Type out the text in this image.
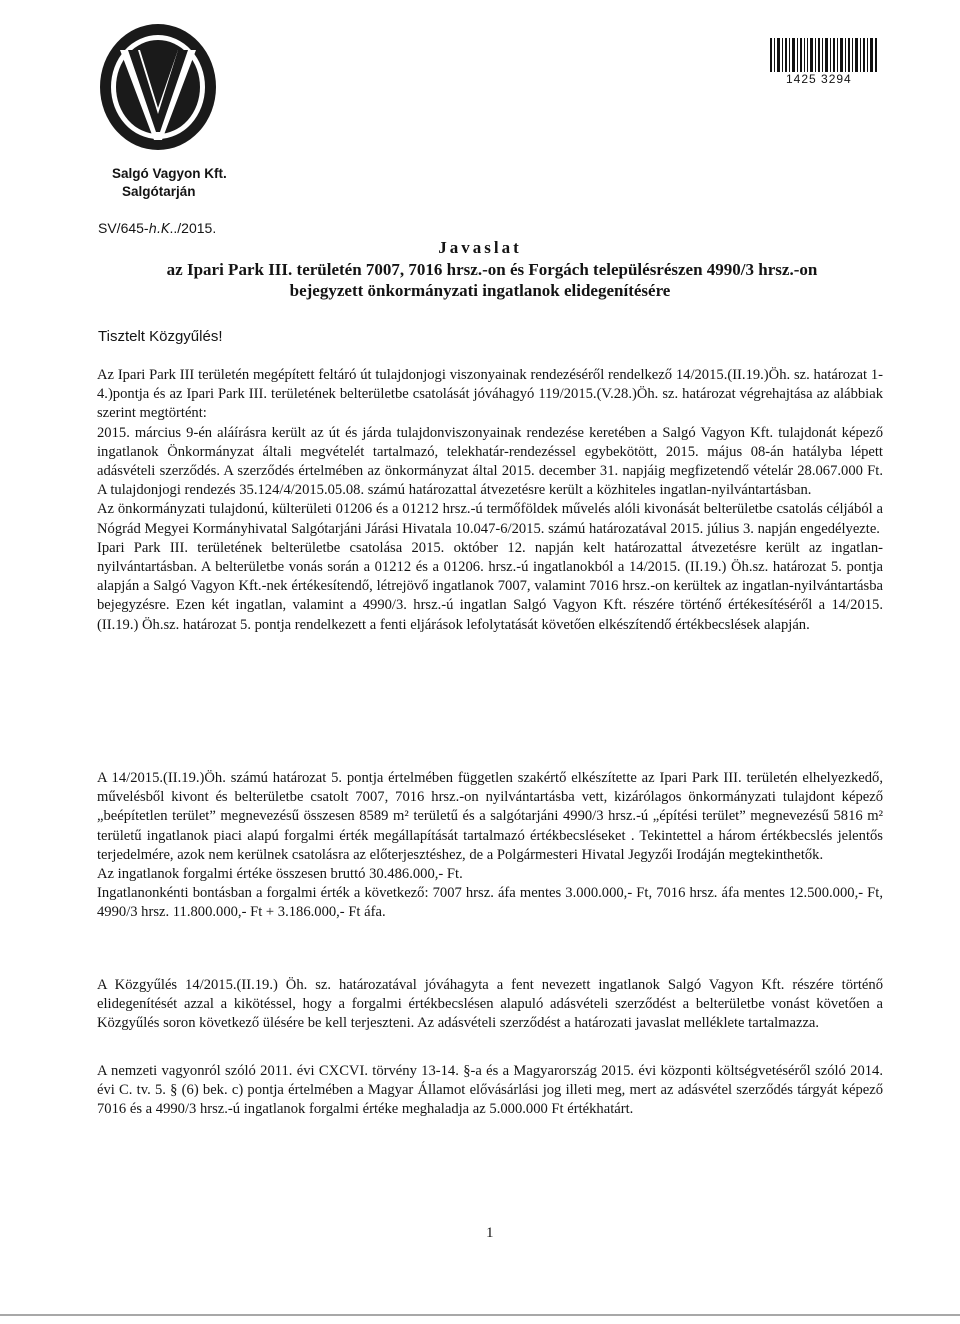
Salgó Vagyon Kft.
Salgótarján
1425 3294
SV/645-h.K../2015.
Javaslat
az Ipari Park III. területén 7007, 7016 hrsz.-on és Forgách településrészen 4990/3 hrsz.-on
bejegyzett önkormányzati ingatlanok elidegenítésére
Tisztelt Közgyűlés!

Az Ipari Park III területén megépített feltáró út tulajdonjogi viszonyainak rendezéséről rendelkező 14/2015.(II.19.)Öh. sz. határozat 1-4.)pontja és az Ipari Park III. területének belterületbe csatolását jóváhagyó 119/2015.(V.28.)Öh. sz. határozat végrehajtása az alábbiak szerint megtörtént:

2015. március 9-én aláírásra került az út és járda tulajdonviszonyainak rendezése keretében a Salgó Vagyon Kft. tulajdonát képező ingatlanok Önkormányzat általi megvételét tartalmazó, telekhatár-rendezéssel egybekötött, 2015. május 08-án hatályba lépett adásvételi szerződés. A szerződés értelmében az önkormányzat által 2015. december 31. napjáig megfizetendő vételár 28.067.000 Ft. A tulajdonjogi rendezés 35.124/4/2015.05.08. számú határozattal átvezetésre került a közhiteles ingatlan-nyilvántartásban.

Az önkormányzati tulajdonú, külterületi 01206 és a 01212 hrsz.-ú termőföldek művelés alóli kivonását belterületbe csatolás céljából a Nógrád Megyei Kormányhivatal Salgótarjáni Járási Hivatala 10.047-6/2015. számú határozatával 2015. július 3. napján engedélyezte.

Ipari Park III. területének belterületbe csatolása 2015. október 12. napján kelt határozattal átvezetésre került az ingatlan-nyilvántartásban. A belterületbe vonás során a 01212 és a 01206. hrsz.-ú ingatlanokból a 14/2015. (II.19.) Öh.sz. határozat 5. pontja alapján a Salgó Vagyon Kft.-nek értékesítendő, létrejövő ingatlanok 7007, valamint 7016 hrsz.-on kerültek az ingatlan-nyilvántartásba bejegyzésre. Ezen két ingatlan, valamint a 4990/3. hrsz.-ú ingatlan Salgó Vagyon Kft. részére történő értékesítéséről a 14/2015. (II.19.) Öh.sz. határozat 5. pontja rendelkezett a fenti eljárások lefolytatását követően elkészítendő értékbecslések alapján.

A 14/2015.(II.19.)Öh. számú határozat 5. pontja értelmében független szakértő elkészítette az Ipari Park III. területén elhelyezkedő, művelésből kivont és belterületbe csatolt 7007, 7016 hrsz.-on nyilvántartásba vett, kizárólagos önkormányzati tulajdont képező „beépítetlen terület” megnevezésű összesen 8589 m² területű és a salgótarjáni 4990/3 hrsz.-ú „építési terület” megnevezésű 5816 m² területű ingatlanok piaci alapú forgalmi érték megállapítását tartalmazó értékbecsléseket . Tekintettel a három értékbecslés jelentős terjedelmére, azok nem kerülnek csatolásra az előterjesztéshez, de a Polgármesteri Hivatal Jegyzői Irodáján megtekinthetők.

Az ingatlanok forgalmi értéke összesen bruttó 30.486.000,- Ft.

Ingatlanonkénti bontásban a forgalmi érték a következő: 7007 hrsz. áfa mentes 3.000.000,- Ft, 7016 hrsz. áfa mentes 12.500.000,- Ft, 4990/3 hrsz. 11.800.000,- Ft + 3.186.000,- Ft áfa.

A Közgyűlés 14/2015.(II.19.) Öh. sz. határozatával jóváhagyta a fent nevezett ingatlanok Salgó Vagyon Kft. részére történő elidegenítését azzal a kikötéssel, hogy a forgalmi értékbecslésen alapuló adásvételi szerződést a belterületbe vonást követően a Közgyűlés soron következő ülésére be kell terjeszteni. Az adásvételi szerződést a határozati javaslat melléklete tartalmazza.

A nemzeti vagyonról szóló 2011. évi CXCVI. törvény 13-14. §-a és a Magyarország 2015. évi központi költségvetéséről szóló 2014. évi C. tv. 5. § (6) bek. c) pontja értelmében a Magyar Államot elővásárlási jog illeti meg, mert az adásvétel szerződés tárgyát képező 7016 és a 4990/3 hrsz.-ú ingatlanok forgalmi értéke meghaladja az 5.000.000 Ft értékhatárt.

1
